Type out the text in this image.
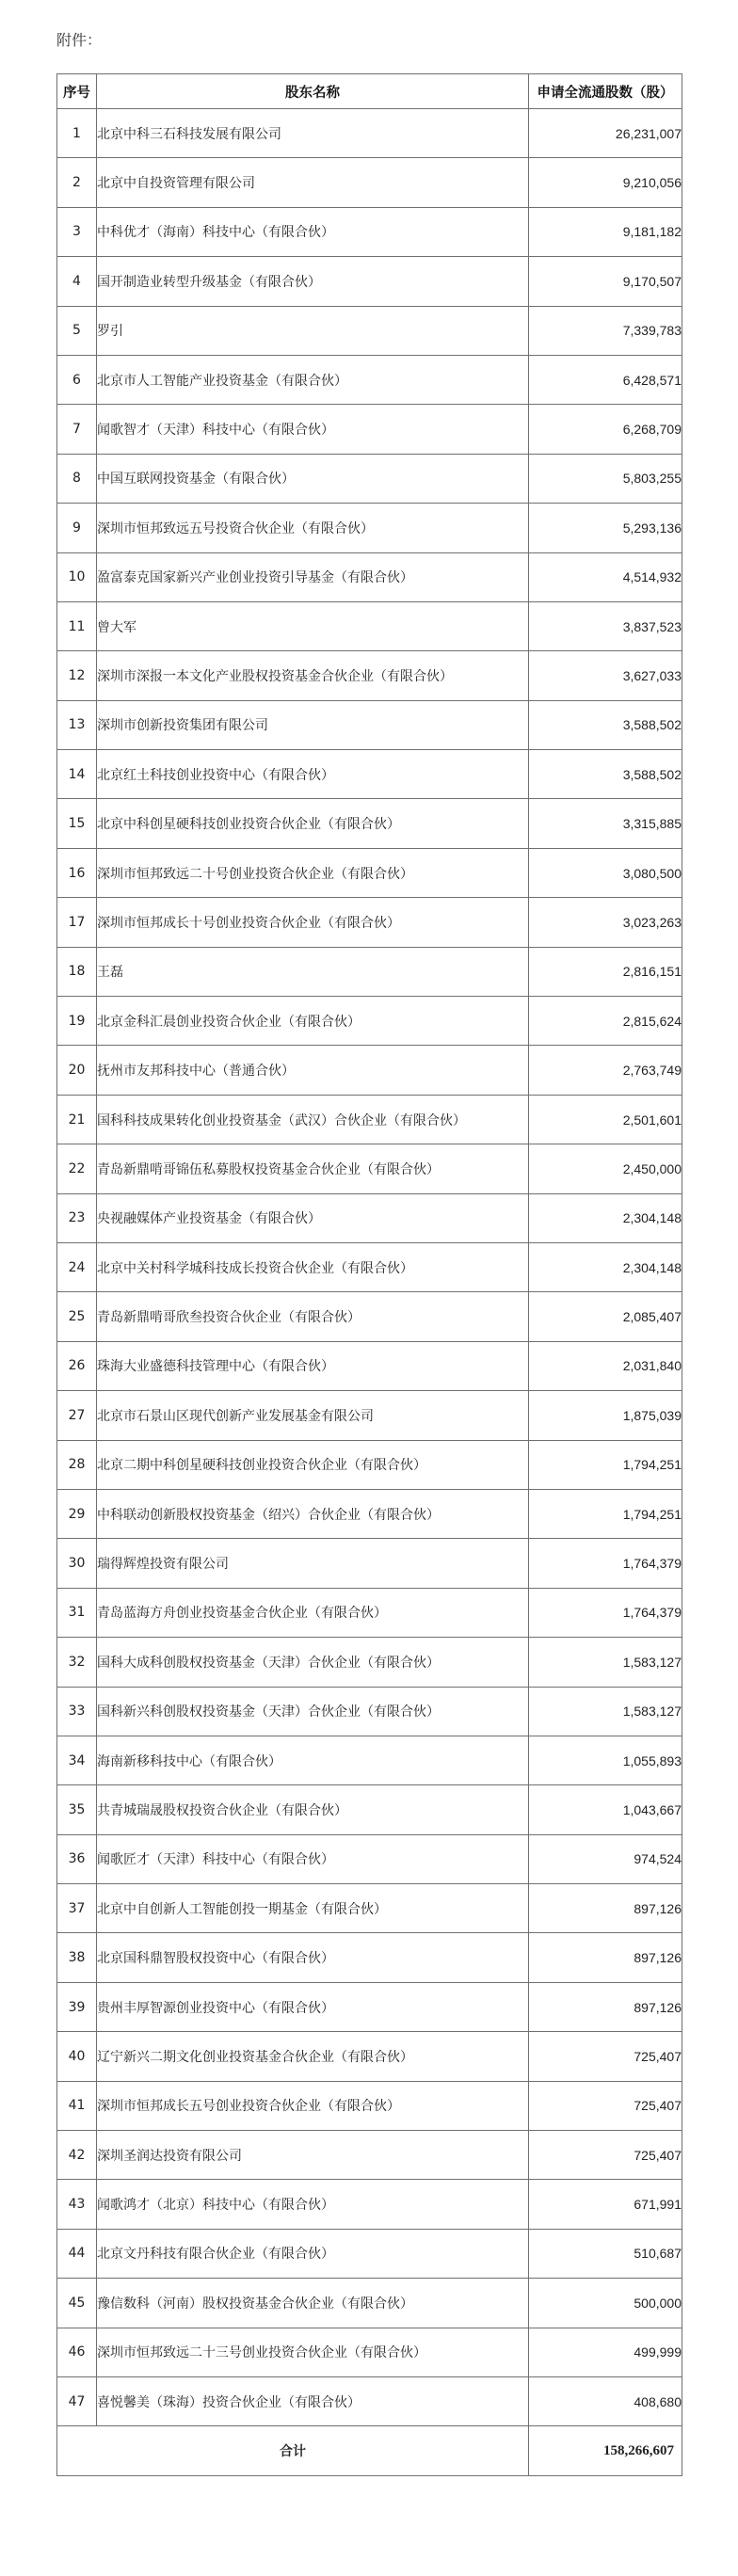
附件：
序号	股东名称	申请全流通股数（股）
1	北京中科三石科技发展有限公司	26,231,007
2	北京中自投资管理有限公司	9,210,056
3	中科优才（海南）科技中心（有限合伙）	9,181,182
4	国开制造业转型升级基金（有限合伙）	9,170,507
5	罗引	7,339,783
6	北京市人工智能产业投资基金（有限合伙）	6,428,571
7	闻歌智才（天津）科技中心（有限合伙）	6,268,709
8	中国互联网投资基金（有限合伙）	5,803,255
9	深圳市恒邦致远五号投资合伙企业（有限合伙）	5,293,136
10	盈富泰克国家新兴产业创业投资引导基金（有限合伙）	4,514,932
11	曾大军	3,837,523
12	深圳市深报一本文化产业股权投资基金合伙企业（有限合伙）	3,627,033
13	深圳市创新投资集团有限公司	3,588,502
14	北京红土科技创业投资中心（有限合伙）	3,588,502
15	北京中科创星硬科技创业投资合伙企业（有限合伙）	3,315,885
16	深圳市恒邦致远二十号创业投资合伙企业（有限合伙）	3,080,500
17	深圳市恒邦成长十号创业投资合伙企业（有限合伙）	3,023,263
18	王磊	2,816,151
19	北京金科汇晨创业投资合伙企业（有限合伙）	2,815,624
20	抚州市友邦科技中心（普通合伙）	2,763,749
21	国科科技成果转化创业投资基金（武汉）合伙企业（有限合伙）	2,501,601
22	青岛新鼎啃哥锦伍私募股权投资基金合伙企业（有限合伙）	2,450,000
23	央视融媒体产业投资基金（有限合伙）	2,304,148
24	北京中关村科学城科技成长投资合伙企业（有限合伙）	2,304,148
25	青岛新鼎啃哥欣叁投资合伙企业（有限合伙）	2,085,407
26	珠海大业盛德科技管理中心（有限合伙）	2,031,840
27	北京市石景山区现代创新产业发展基金有限公司	1,875,039
28	北京二期中科创星硬科技创业投资合伙企业（有限合伙）	1,794,251
29	中科联动创新股权投资基金（绍兴）合伙企业（有限合伙）	1,794,251
30	瑞得辉煌投资有限公司	1,764,379
31	青岛蓝海方舟创业投资基金合伙企业（有限合伙）	1,764,379
32	国科大成科创股权投资基金（天津）合伙企业（有限合伙）	1,583,127
33	国科新兴科创股权投资基金（天津）合伙企业（有限合伙）	1,583,127
34	海南新移科技中心（有限合伙）	1,055,893
35	共青城瑞晟股权投资合伙企业（有限合伙）	1,043,667
36	闻歌匠才（天津）科技中心（有限合伙）	974,524
37	北京中自创新人工智能创投一期基金（有限合伙）	897,126
38	北京国科鼎智股权投资中心（有限合伙）	897,126
39	贵州丰厚智源创业投资中心（有限合伙）	897,126
40	辽宁新兴二期文化创业投资基金合伙企业（有限合伙）	725,407
41	深圳市恒邦成长五号创业投资合伙企业（有限合伙）	725,407
42	深圳圣润达投资有限公司	725,407
43	闻歌鸿才（北京）科技中心（有限合伙）	671,991
44	北京文丹科技有限合伙企业（有限合伙）	510,687
45	豫信数科（河南）股权投资基金合伙企业（有限合伙）	500,000
46	深圳市恒邦致远二十三号创业投资合伙企业（有限合伙）	499,999
47	喜悦馨美（珠海）投资合伙企业（有限合伙）	408,680
合计		158,266,607
